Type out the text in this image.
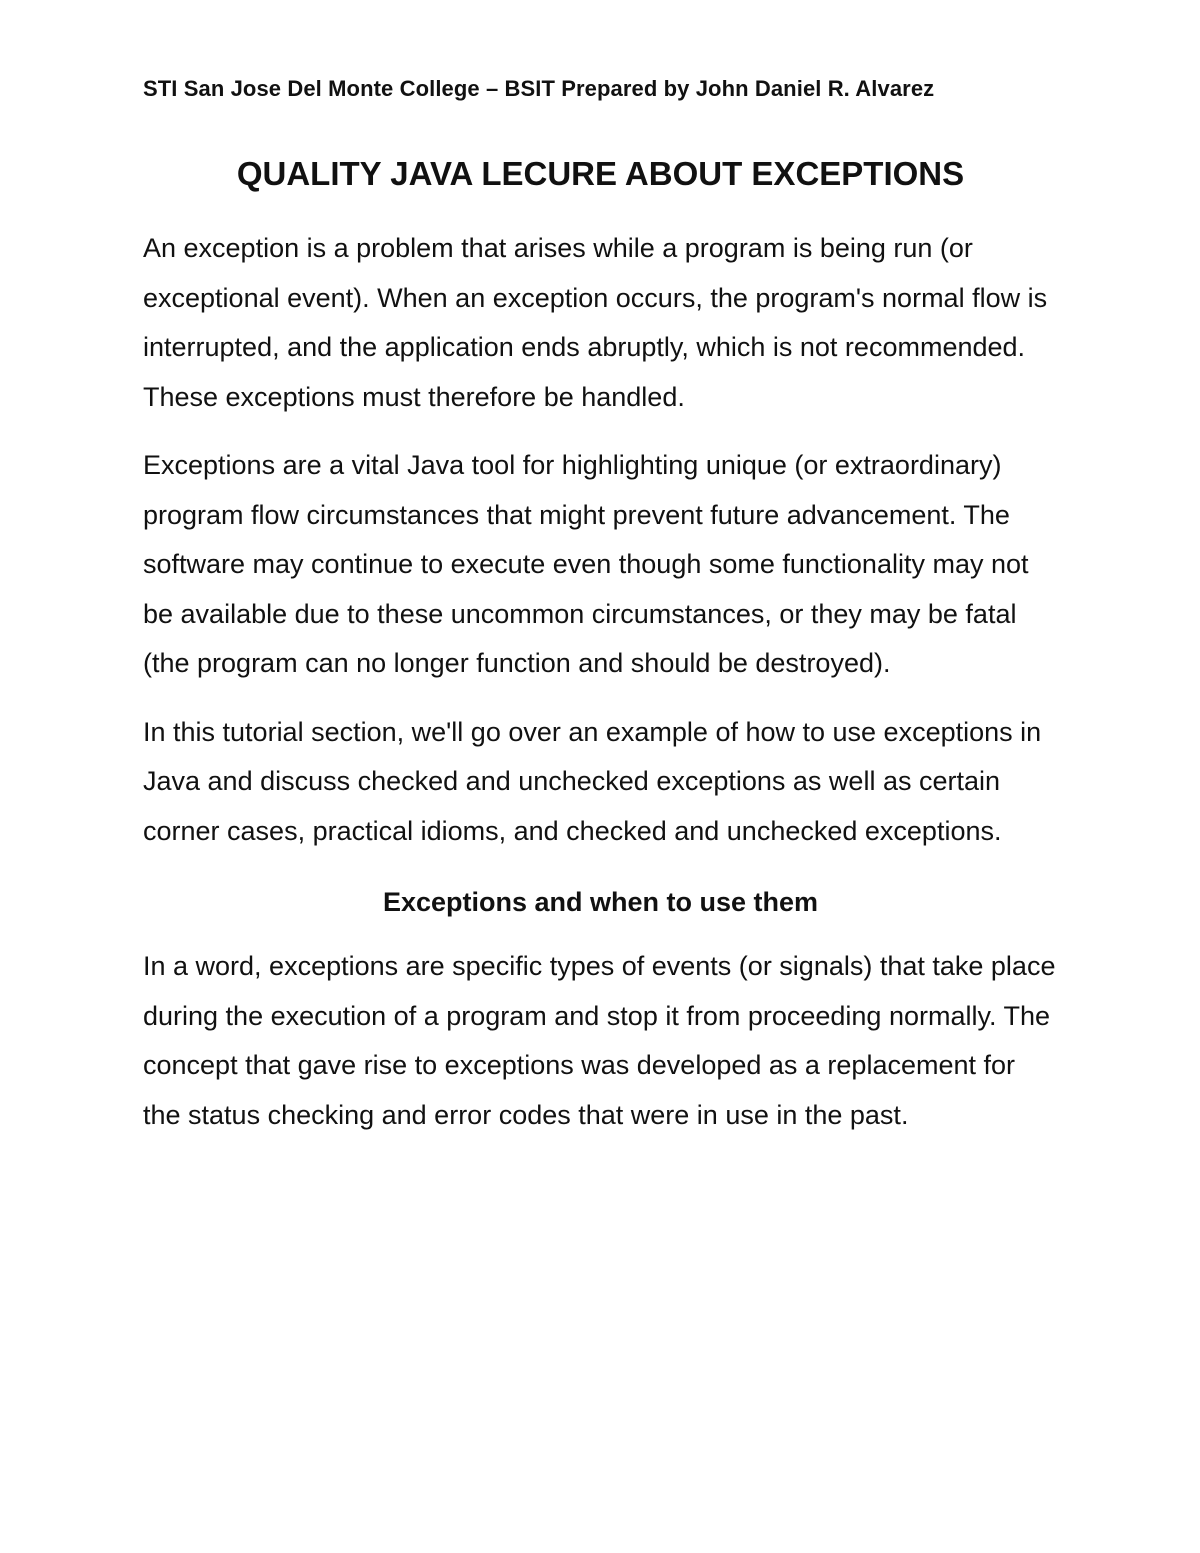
STI San Jose Del Monte College – BSIT Prepared by John Daniel R. Alvarez

QUALITY JAVA LECURE ABOUT EXCEPTIONS

An exception is a problem that arises while a program is being run (or exceptional event). When an exception occurs, the program's normal flow is interrupted, and the application ends abruptly, which is not recommended. These exceptions must therefore be handled.

Exceptions are a vital Java tool for highlighting unique (or extraordinary) program flow circumstances that might prevent future advancement. The software may continue to execute even though some functionality may not be available due to these uncommon circumstances, or they may be fatal (the program can no longer function and should be destroyed).

In this tutorial section, we'll go over an example of how to use exceptions in Java and discuss checked and unchecked exceptions as well as certain corner cases, practical idioms, and checked and unchecked exceptions.

Exceptions and when to use them

In a word, exceptions are specific types of events (or signals) that take place during the execution of a program and stop it from proceeding normally. The concept that gave rise to exceptions was developed as a replacement for the status checking and error codes that were in use in the past.
